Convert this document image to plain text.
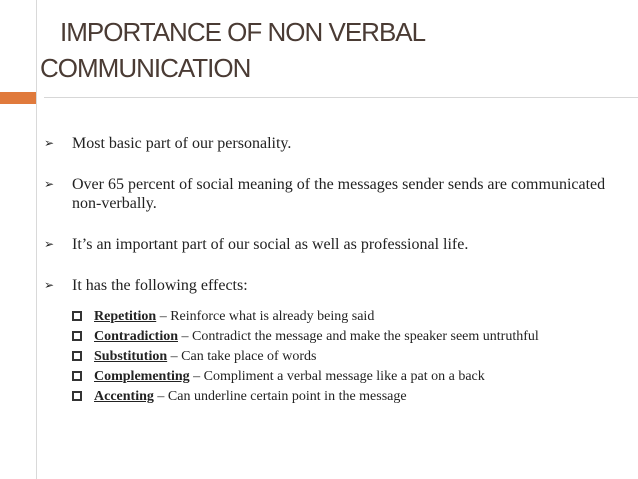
IMPORTANCE OF NON VERBAL
COMMUNICATION
➢ Most basic part of our personality.
➢ Over 65 percent of social meaning of the messages sender sends are communicated non-verbally.
➢ It’s an important part of our social as well as professional life.
➢ It has the following effects:
Repetition – Reinforce what is already being said
Contradiction – Contradict the message and make the speaker seem untruthful
Substitution – Can take place of words
Complementing – Compliment a verbal message like a pat on a back
Accenting – Can underline certain point in the message
